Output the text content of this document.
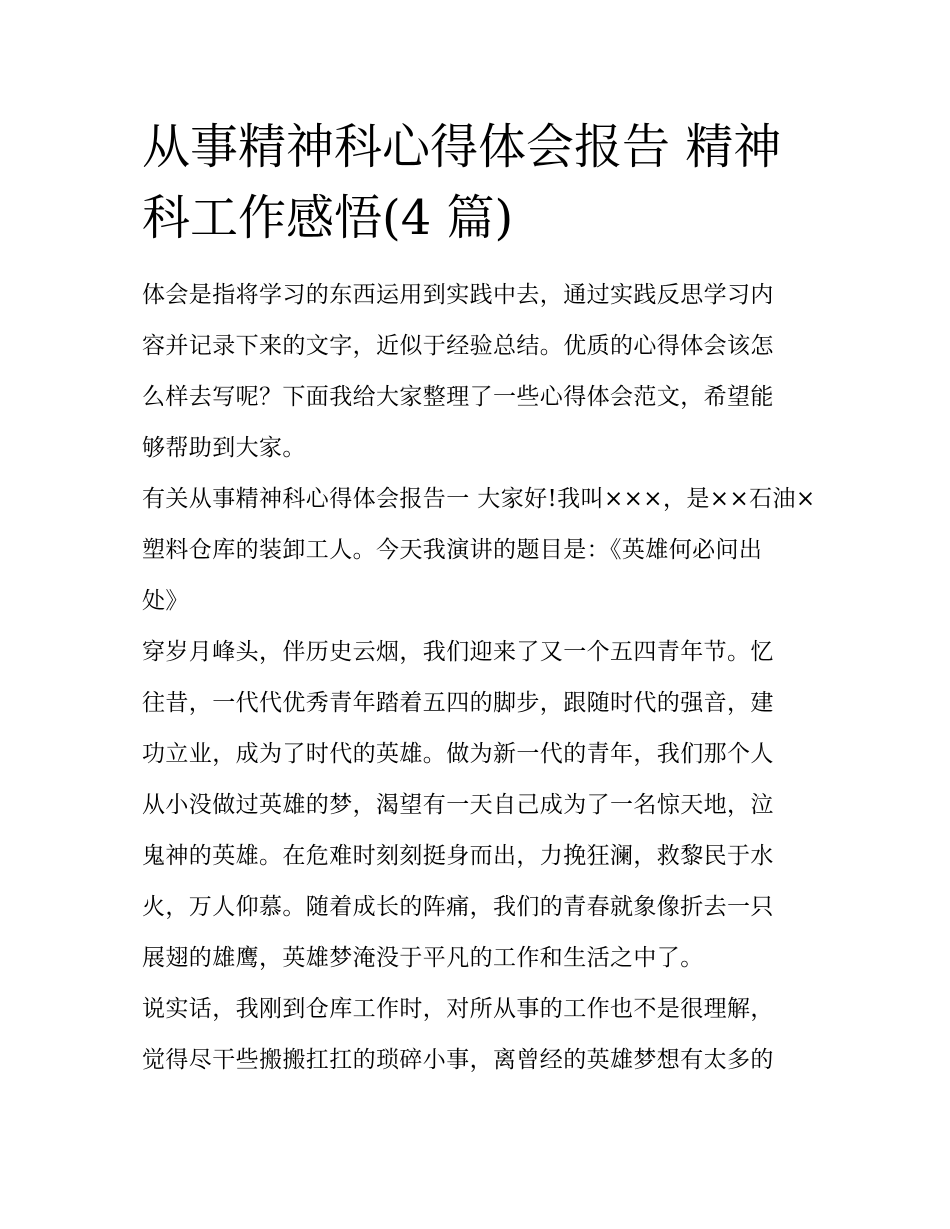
从事精神科心得体会报告 精神
科工作感悟(4 篇)
体会是指将学习的东西运用到实践中去，通过实践反思学习内
容并记录下来的文字，近似于经验总结。优质的心得体会该怎
么样去写呢？下面我给大家整理了一些心得体会范文，希望能
够帮助到大家。
有关从事精神科心得体会报告一 大家好!我叫×××，是××石油×
塑料仓库的装卸工人。今天我演讲的题目是：《英雄何必问出
处》
穿岁月峰头，伴历史云烟，我们迎来了又一个五四青年节。忆
往昔，一代代优秀青年踏着五四的脚步，跟随时代的强音，建
功立业，成为了时代的英雄。做为新一代的青年，我们那个人
从小没做过英雄的梦，渴望有一天自己成为了一名惊天地，泣
鬼神的英雄。在危难时刻刻挺身而出，力挽狂澜，救黎民于水
火，万人仰慕。随着成长的阵痛，我们的青春就象像折去一只
展翅的雄鹰，英雄梦淹没于平凡的工作和生活之中了。
说实话，我刚到仓库工作时，对所从事的工作也不是很理解，
觉得尽干些搬搬扛扛的琐碎小事，离曾经的英雄梦想有太多的
